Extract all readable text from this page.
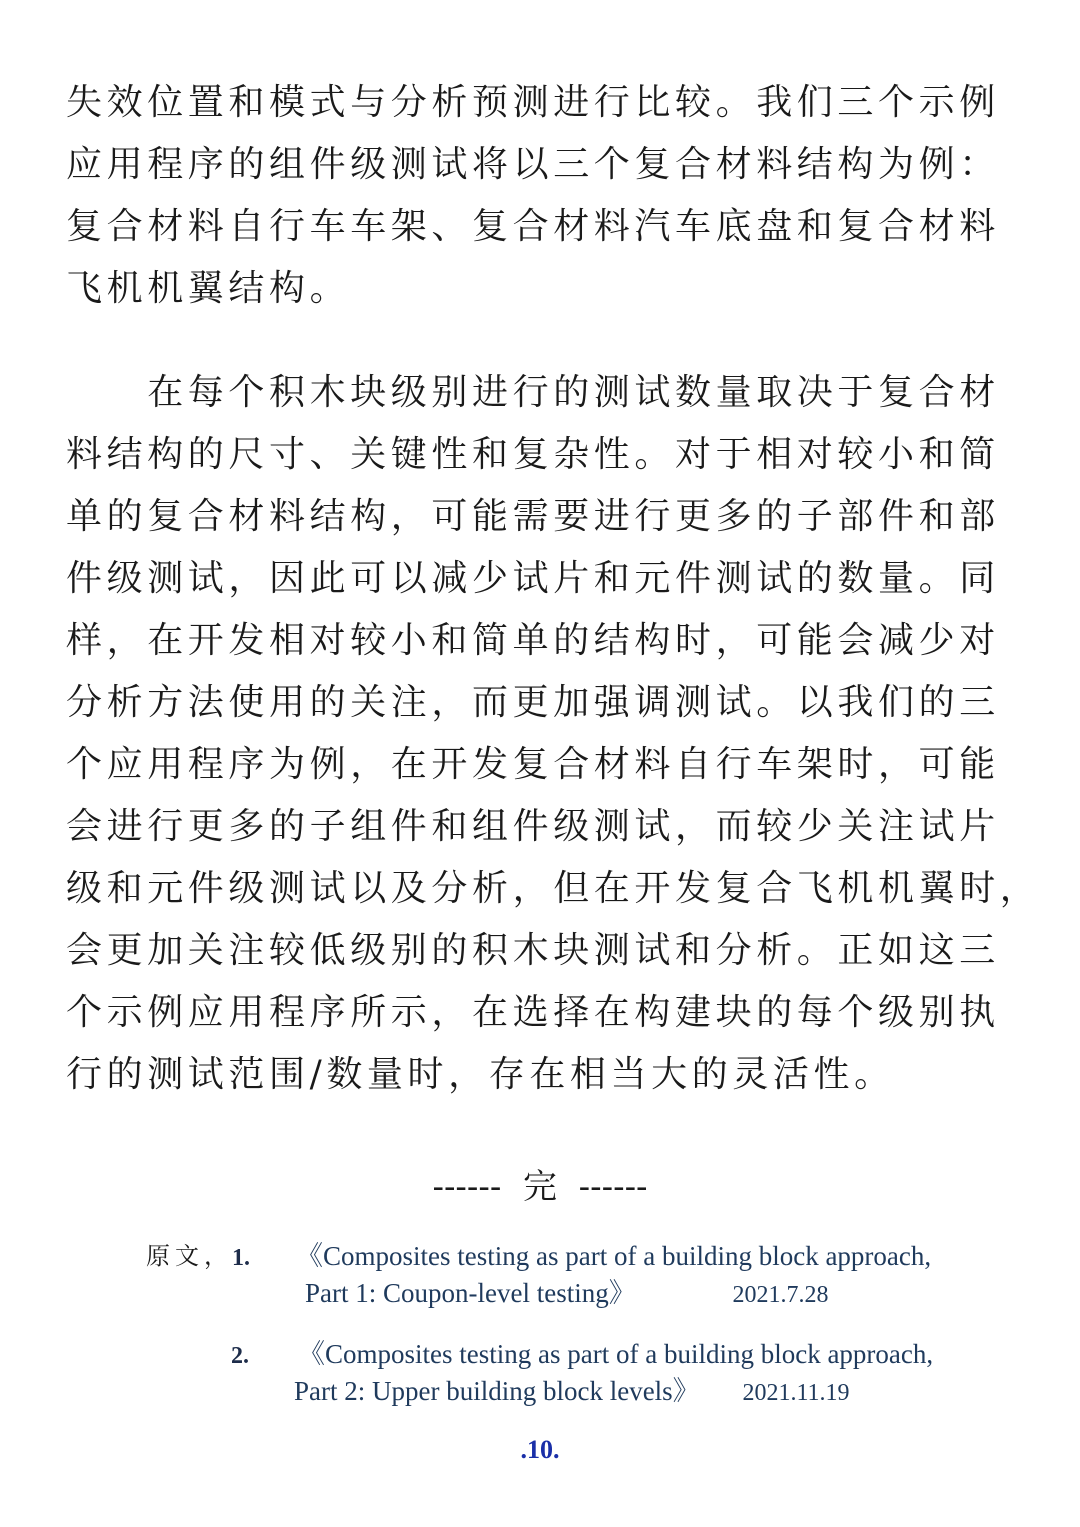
失效位置和模式与分析预测进行比较。我们三个示例
应用程序的组件级测试将以三个复合材料结构为例：
复合材料自行车车架、复合材料汽车底盘和复合材料
飞机机翼结构。
　　在每个积木块级别进行的测试数量取决于复合材
料结构的尺寸、关键性和复杂性。对于相对较小和简
单的复合材料结构，可能需要进行更多的子部件和部
件级测试，因此可以减少试片和元件测试的数量。同
样，在开发相对较小和简单的结构时，可能会减少对
分析方法使用的关注，而更加强调测试。以我们的三
个应用程序为例，在开发复合材料自行车架时，可能
会进行更多的子组件和组件级测试，而较少关注试片
级和元件级测试以及分析，但在开发复合飞机机翼时，
会更加关注较低级别的积木块测试和分析。正如这三
个示例应用程序所示，在选择在构建块的每个级别执
行的测试范围/数量时，存在相当大的灵活性。
------  完  ------
原文， 1. 《Composites testing as part of a building block approach,
Part 1: Coupon-level testing》	2021.7.28
2. 《Composites testing as part of a building block approach,
Part 2: Upper building block levels》 2021.11.19
.10.
